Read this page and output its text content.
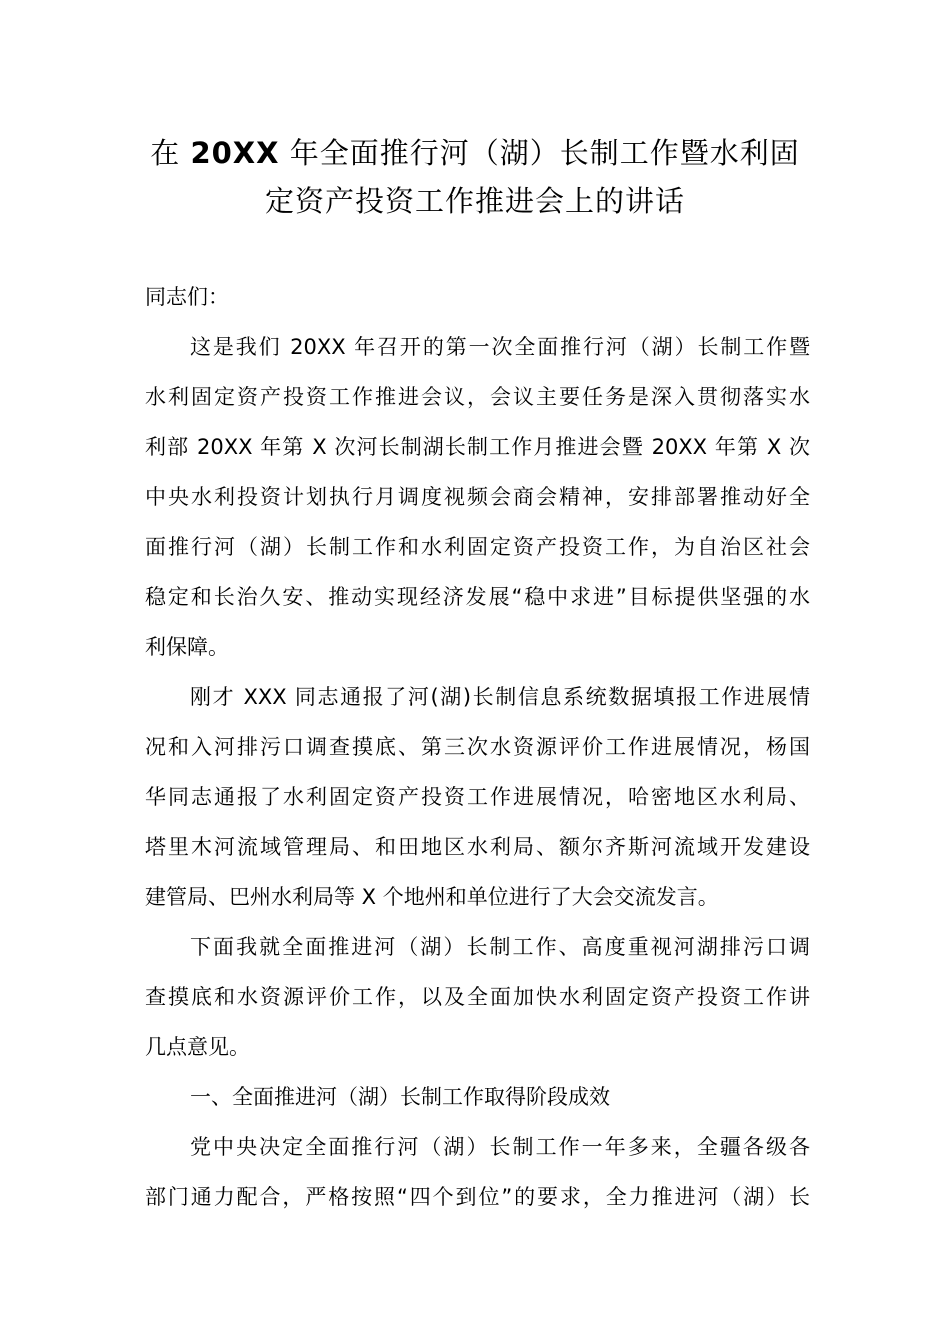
在 20XX 年全面推行河（湖）长制工作暨水利固
定资产投资工作推进会上的讲话
同志们：
这是我们 20XX 年召开的第一次全面推行河（湖）长制工作暨
水利固定资产投资工作推进会议，会议主要任务是深入贯彻落实水
利部 20XX 年第 X 次河长制湖长制工作月推进会暨 20XX 年第 X 次
中央水利投资计划执行月调度视频会商会精神，安排部署推动好全
面推行河（湖）长制工作和水利固定资产投资工作，为自治区社会
稳定和长治久安、推动实现经济发展“稳中求进”目标提供坚强的水
利保障。
刚才 XXX 同志通报了河(湖)长制信息系统数据填报工作进展情
况和入河排污口调查摸底、第三次水资源评价工作进展情况，杨国
华同志通报了水利固定资产投资工作进展情况，哈密地区水利局、
塔里木河流域管理局、和田地区水利局、额尔齐斯河流域开发建设
建管局、巴州水利局等 X 个地州和单位进行了大会交流发言。
下面我就全面推进河（湖）长制工作、高度重视河湖排污口调
查摸底和水资源评价工作，以及全面加快水利固定资产投资工作讲
几点意见。
一、全面推进河（湖）长制工作取得阶段成效
党中央决定全面推行河（湖）长制工作一年多来，全疆各级各
部门通力配合，严格按照“四个到位”的要求，全力推进河（湖）长
